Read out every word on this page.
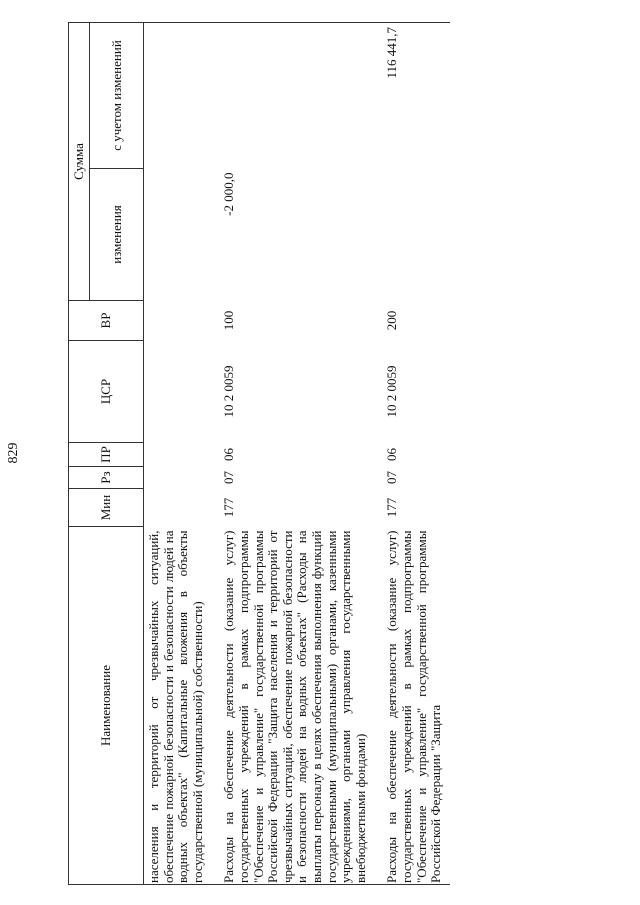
829
Наименование	Мин	Рз	ПР	ЦСР	ВР	Сумма	
						изменения	с учетом изменений
населения и территорий от чрезвычайных ситуаций, обеспечение пожарной безопасности и безопасности людей на водных объектах" (Капитальные вложения в объекты государственной (муниципальной) собственности)							

Расходы на обеспечение деятельности (оказание услуг) государственных учреждений в рамках подпрограммы "Обеспечение и управление" государственной программы Российской Федерации "Защита населения и территорий от чрезвычайных ситуаций, обеспечение пожарной безопасности и безопасности людей на водных объектах" (Расходы на выплаты персоналу в целях обеспечения выполнения функций государственными (муниципальными) органами, казенными учреждениями, органами управления государственными внебюджетными фондами)	177	07	06	10 2 0059	100	-2 000,0	

Расходы на обеспечение деятельности (оказание услуг) государственных учреждений в рамках подпрограммы "Обеспечение и управление" государственной программы Российской Федерации "Защита	177	07	06	10 2 0059	200		116 441,7
